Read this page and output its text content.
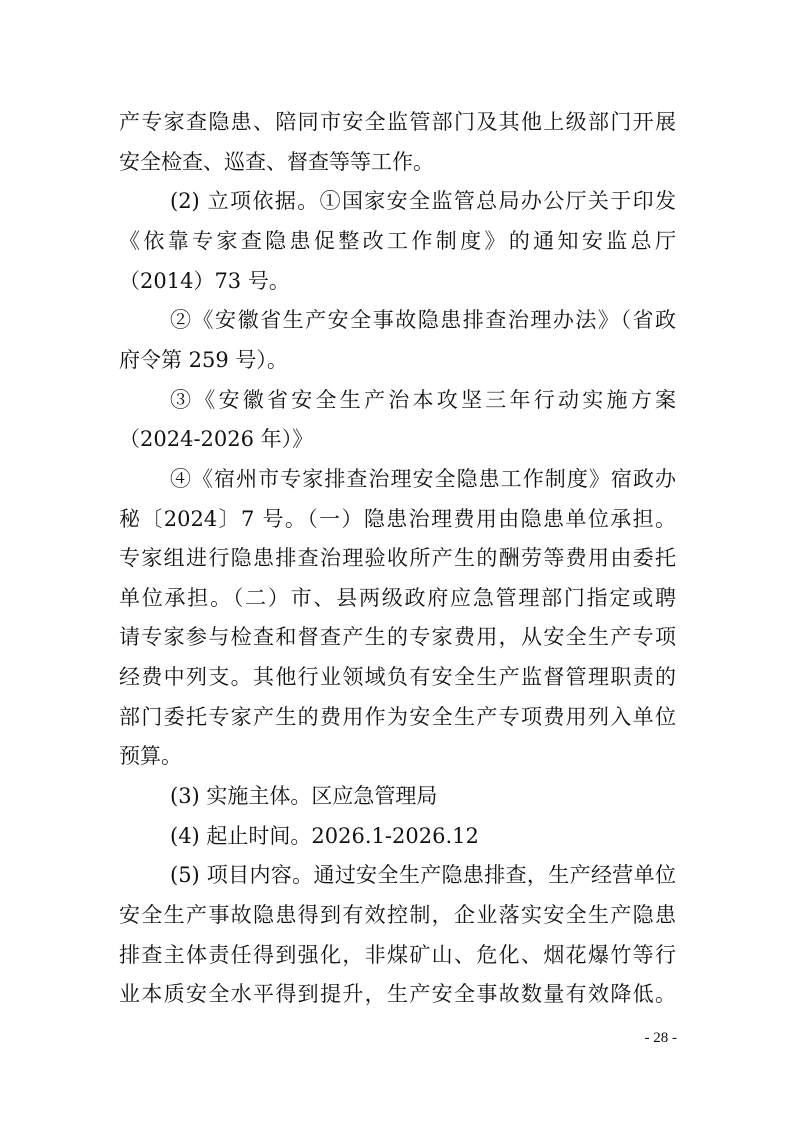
产专家查隐患、陪同市安全监管部门及其他上级部门开展
安全检查、巡查、督查等等工作。
(2) 立项依据。①国家安全监管总局办公厅关于印发
《依靠专家查隐患促整改工作制度》的通知安监总厅
（2014）73 号。
②《安徽省生产安全事故隐患排查治理办法》（省政
府令第 259 号）。
③《安徽省安全生产治本攻坚三年行动实施方案
（2024-2026 年）》
④《宿州市专家排查治理安全隐患工作制度》宿政办
秘〔2024〕7 号。（一）隐患治理费用由隐患单位承担。
专家组进行隐患排查治理验收所产生的酬劳等费用由委托
单位承担。（二）市、县两级政府应急管理部门指定或聘
请专家参与检查和督查产生的专家费用，从安全生产专项
经费中列支。其他行业领域负有安全生产监督管理职责的
部门委托专家产生的费用作为安全生产专项费用列入单位
预算。
(3) 实施主体。区应急管理局
(4) 起止时间。2026.1-2026.12
(5) 项目内容。通过安全生产隐患排查，生产经营单位
安全生产事故隐患得到有效控制，企业落实安全生产隐患
排查主体责任得到强化，非煤矿山、危化、烟花爆竹等行
业本质安全水平得到提升，生产安全事故数量有效降低。
- 28 -
